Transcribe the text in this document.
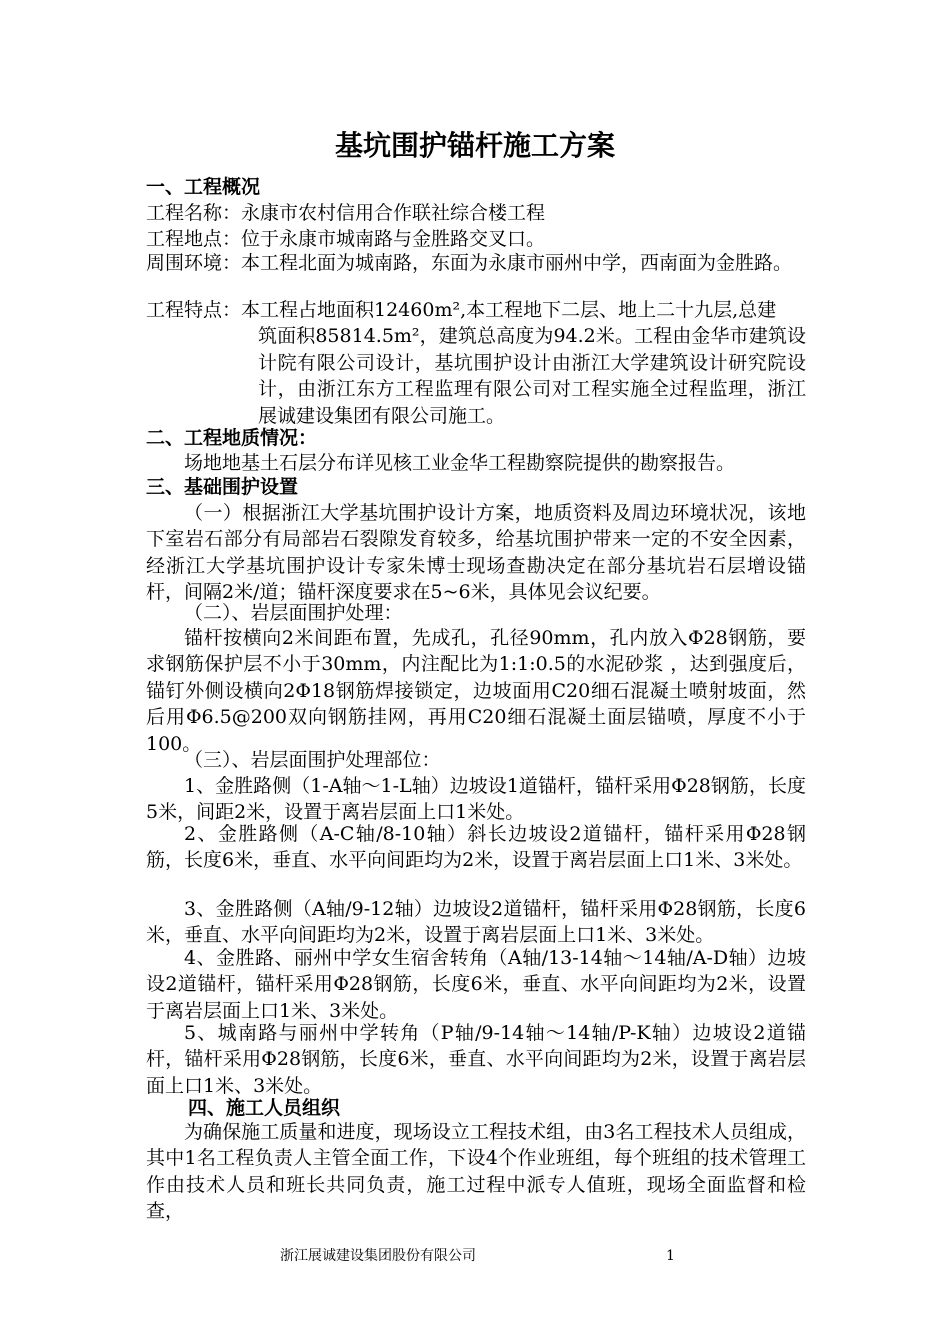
基坑围护锚杆施工方案
一、工程概况
工程名称：永康市农村信用合作联社综合楼工程
工程地点：位于永康市城南路与金胜路交叉口。
周围环境：本工程北面为城南路，东面为永康市丽州中学，西南面为金胜路。
工程特点：本工程占地面积12460m²,本工程地下二层、地上二十九层,总建
筑面积85814.5m²，建筑总高度为94.2米。工程由金华市建筑设计院有限公司设计，基坑围护设计由浙江大学建筑设计研究院设计，由浙江东方工程监理有限公司对工程实施全过程监理，浙江展诚建设集团有限公司施工。
二、工程地质情况：
场地地基土石层分布详见核工业金华工程勘察院提供的勘察报告。
三、基础围护设置
（一）根据浙江大学基坑围护设计方案，地质资料及周边环境状况，该地下室岩石部分有局部岩石裂隙发育较多，给基坑围护带来一定的不安全因素，经浙江大学基坑围护设计专家朱博士现场查勘决定在部分基坑岩石层增设锚杆，间隔2米/道；锚杆深度要求在5~6米，具体见会议纪要。
（二）、岩层面围护处理：
锚杆按横向2米间距布置，先成孔，孔径90mm，孔内放入Φ28钢筋，要求钢筋保护层不小于30mm，内注配比为1:1:0.5的水泥砂浆 ，达到强度后，锚钉外侧设横向2Φ18钢筋焊接锁定，边坡面用C20细石混凝土喷射坡面，然后用Φ6.5@200双向钢筋挂网，再用C20细石混凝土面层锚喷，厚度不小于100。
（三）、岩层面围护处理部位：
1、金胜路侧（1-A轴～1-L轴）边坡设1道锚杆，锚杆采用Φ28钢筋，长度5米，间距2米，设置于离岩层面上口1米处。
2、金胜路侧（A-C轴/8-10轴）斜长边坡设2道锚杆，锚杆采用Φ28钢筋，长度6米，垂直、水平向间距均为2米，设置于离岩层面上口1米、3米处。
3、金胜路侧（A轴/9-12轴）边坡设2道锚杆，锚杆采用Φ28钢筋，长度6米，垂直、水平向间距均为2米，设置于离岩层面上口1米、3米处。
4、金胜路、丽州中学女生宿舍转角（A轴/13-14轴～14轴/A-D轴）边坡设2道锚杆，锚杆采用Φ28钢筋，长度6米，垂直、水平向间距均为2米，设置于离岩层面上口1米、3米处。
5、城南路与丽州中学转角（P轴/9-14轴～14轴/P-K轴）边坡设2道锚杆，锚杆采用Φ28钢筋，长度6米，垂直、水平向间距均为2米，设置于离岩层面上口1米、3米处。
四、施工人员组织
为确保施工质量和进度，现场设立工程技术组，由3名工程技术人员组成，其中1名工程负责人主管全面工作，下设4个作业班组，每个班组的技术管理工作由技术人员和班长共同负责，施工过程中派专人值班，现场全面监督和检查，
浙江展诚建设集团股份有限公司	1
